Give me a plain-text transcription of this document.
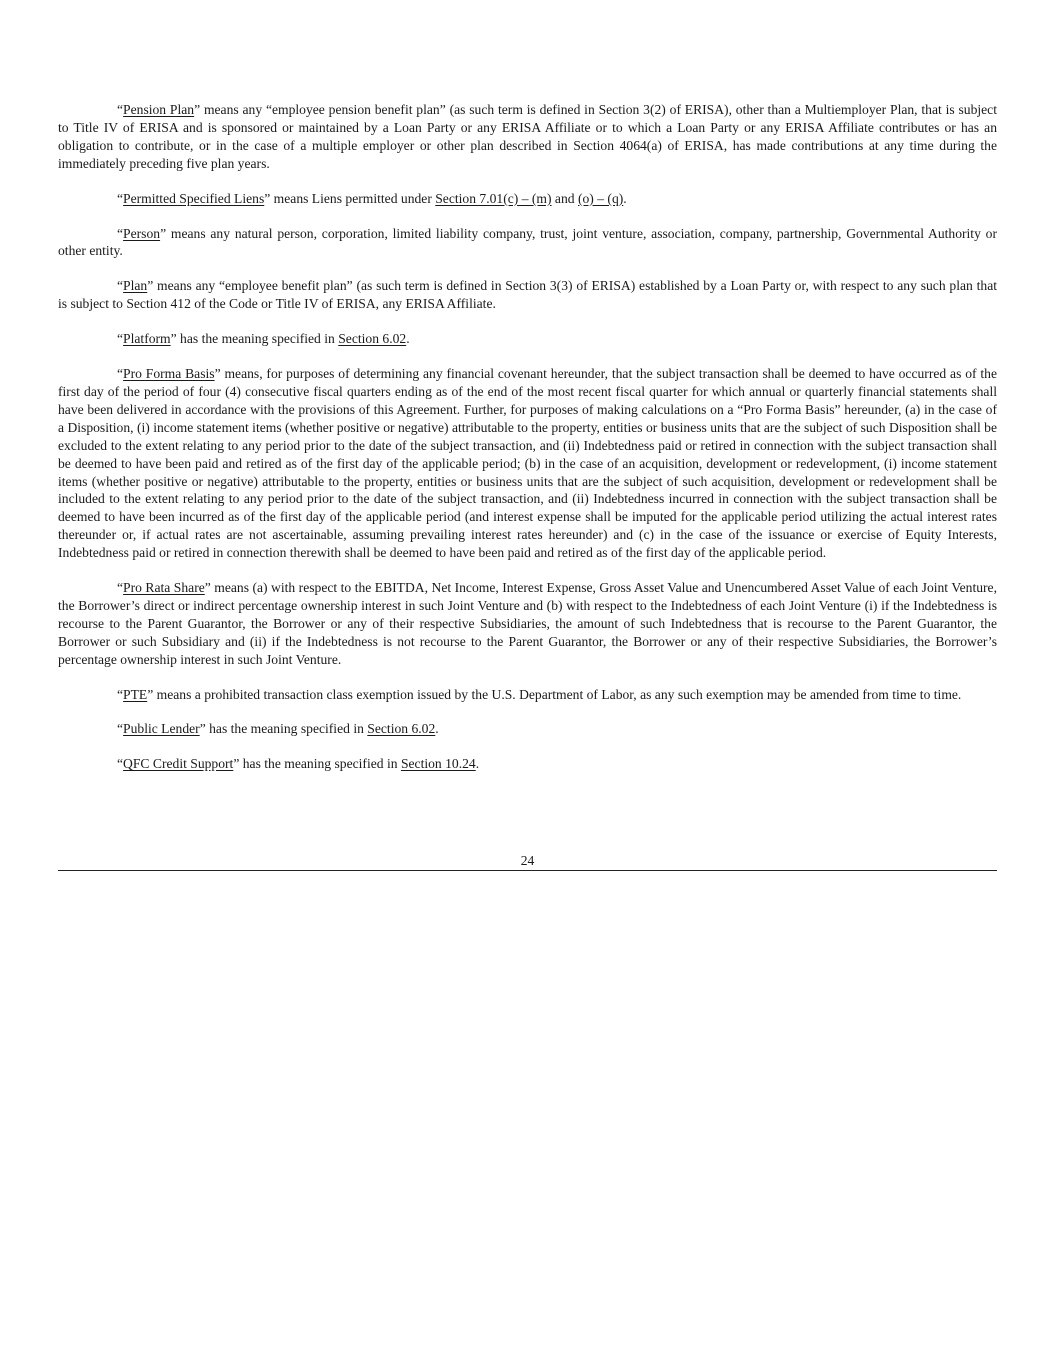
“Pension Plan” means any “employee pension benefit plan” (as such term is defined in Section 3(2) of ERISA), other than a Multiemployer Plan, that is subject to Title IV of ERISA and is sponsored or maintained by a Loan Party or any ERISA Affiliate or to which a Loan Party or any ERISA Affiliate contributes or has an obligation to contribute, or in the case of a multiple employer or other plan described in Section 4064(a) of ERISA, has made contributions at any time during the immediately preceding five plan years.

“Permitted Specified Liens” means Liens permitted under Section 7.01(c) – (m) and (o) – (q).

“Person” means any natural person, corporation, limited liability company, trust, joint venture, association, company, partnership, Governmental Authority or other entity.

“Plan” means any “employee benefit plan” (as such term is defined in Section 3(3) of ERISA) established by a Loan Party or, with respect to any such plan that is subject to Section 412 of the Code or Title IV of ERISA, any ERISA Affiliate.

“Platform” has the meaning specified in Section 6.02.

“Pro Forma Basis” means, for purposes of determining any financial covenant hereunder, that the subject transaction shall be deemed to have occurred as of the first day of the period of four (4) consecutive fiscal quarters ending as of the end of the most recent fiscal quarter for which annual or quarterly financial statements shall have been delivered in accordance with the provisions of this Agreement. Further, for purposes of making calculations on a “Pro Forma Basis” hereunder, (a) in the case of a Disposition, (i) income statement items (whether positive or negative) attributable to the property, entities or business units that are the subject of such Disposition shall be excluded to the extent relating to any period prior to the date of the subject transaction, and (ii) Indebtedness paid or retired in connection with the subject transaction shall be deemed to have been paid and retired as of the first day of the applicable period; (b) in the case of an acquisition, development or redevelopment, (i) income statement items (whether positive or negative) attributable to the property, entities or business units that are the subject of such acquisition, development or redevelopment shall be included to the extent relating to any period prior to the date of the subject transaction, and (ii) Indebtedness incurred in connection with the subject transaction shall be deemed to have been incurred as of the first day of the applicable period (and interest expense shall be imputed for the applicable period utilizing the actual interest rates thereunder or, if actual rates are not ascertainable, assuming prevailing interest rates hereunder) and (c) in the case of the issuance or exercise of Equity Interests, Indebtedness paid or retired in connection therewith shall be deemed to have been paid and retired as of the first day of the applicable period.

“Pro Rata Share” means (a) with respect to the EBITDA, Net Income, Interest Expense, Gross Asset Value and Unencumbered Asset Value of each Joint Venture, the Borrower’s direct or indirect percentage ownership interest in such Joint Venture and (b) with respect to the Indebtedness of each Joint Venture (i) if the Indebtedness is recourse to the Parent Guarantor, the Borrower or any of their respective Subsidiaries, the amount of such Indebtedness that is recourse to the Parent Guarantor, the Borrower or such Subsidiary and (ii) if the Indebtedness is not recourse to the Parent Guarantor, the Borrower or any of their respective Subsidiaries, the Borrower’s percentage ownership interest in such Joint Venture.

“PTE” means a prohibited transaction class exemption issued by the U.S. Department of Labor, as any such exemption may be amended from time to time.

“Public Lender” has the meaning specified in Section 6.02.

“QFC Credit Support” has the meaning specified in Section 10.24.

24
